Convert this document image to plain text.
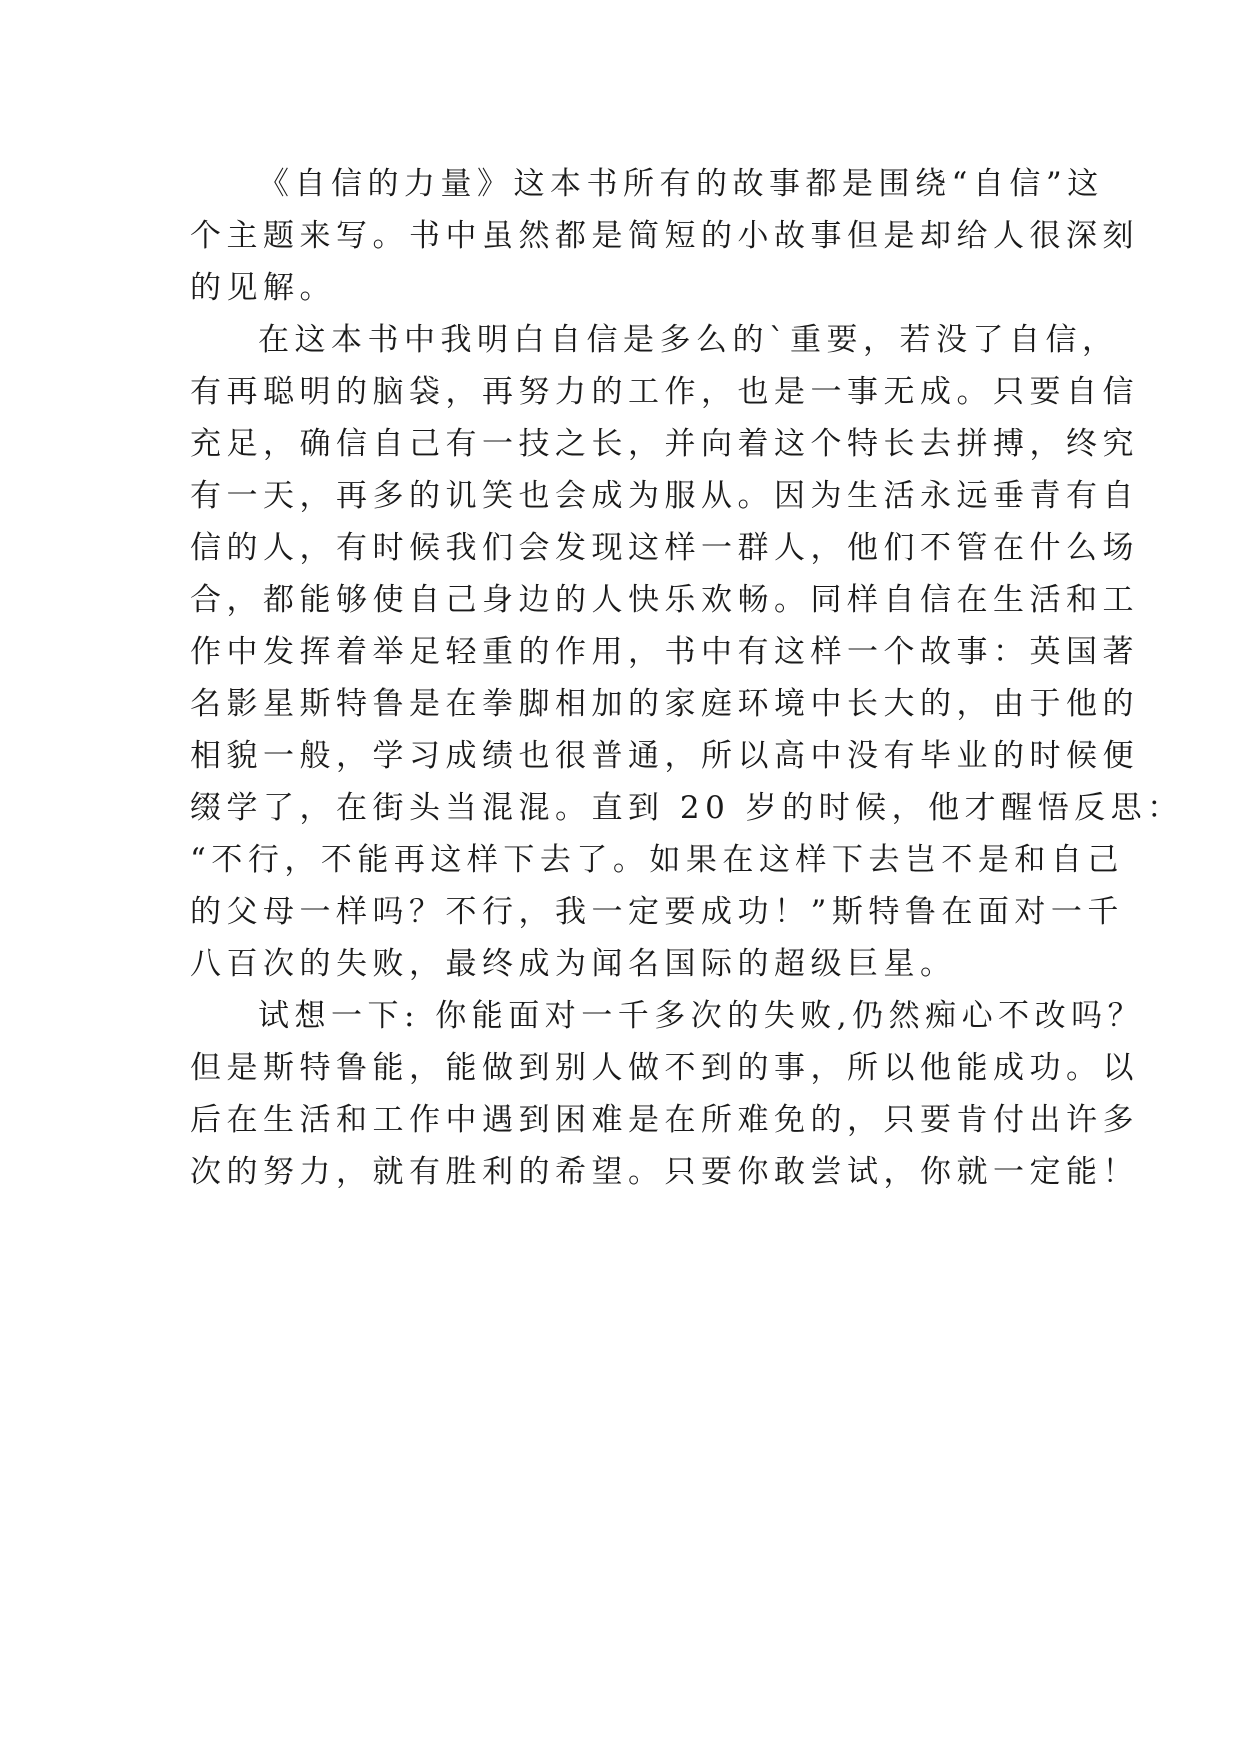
《自信的力量》这本书所有的故事都是围绕“自信”这
个主题来写。书中虽然都是简短的小故事但是却给人很深刻
的见解。
在这本书中我明白自信是多么的`重要，若没了自信，
有再聪明的脑袋，再努力的工作，也是一事无成。只要自信
充足，确信自己有一技之长，并向着这个特长去拼搏，终究
有一天，再多的讥笑也会成为服从。因为生活永远垂青有自
信的人，有时候我们会发现这样一群人，他们不管在什么场
合，都能够使自己身边的人快乐欢畅。同样自信在生活和工
作中发挥着举足轻重的作用，书中有这样一个故事：英国著
名影星斯特鲁是在拳脚相加的家庭环境中长大的，由于他的
相貌一般，学习成绩也很普通，所以高中没有毕业的时候便
缀学了，在街头当混混。直到 20 岁的时候，他才醒悟反思：
“不行，不能再这样下去了。如果在这样下去岂不是和自己
的父母一样吗？不行，我一定要成功！”斯特鲁在面对一千
八百次的失败，最终成为闻名国际的超级巨星。
试想一下: 你能面对一千多次的失败,仍然痴心不改吗？
但是斯特鲁能，能做到别人做不到的事，所以他能成功。以
后在生活和工作中遇到困难是在所难免的，只要肯付出许多
次的努力，就有胜利的希望。只要你敢尝试，你就一定能！
